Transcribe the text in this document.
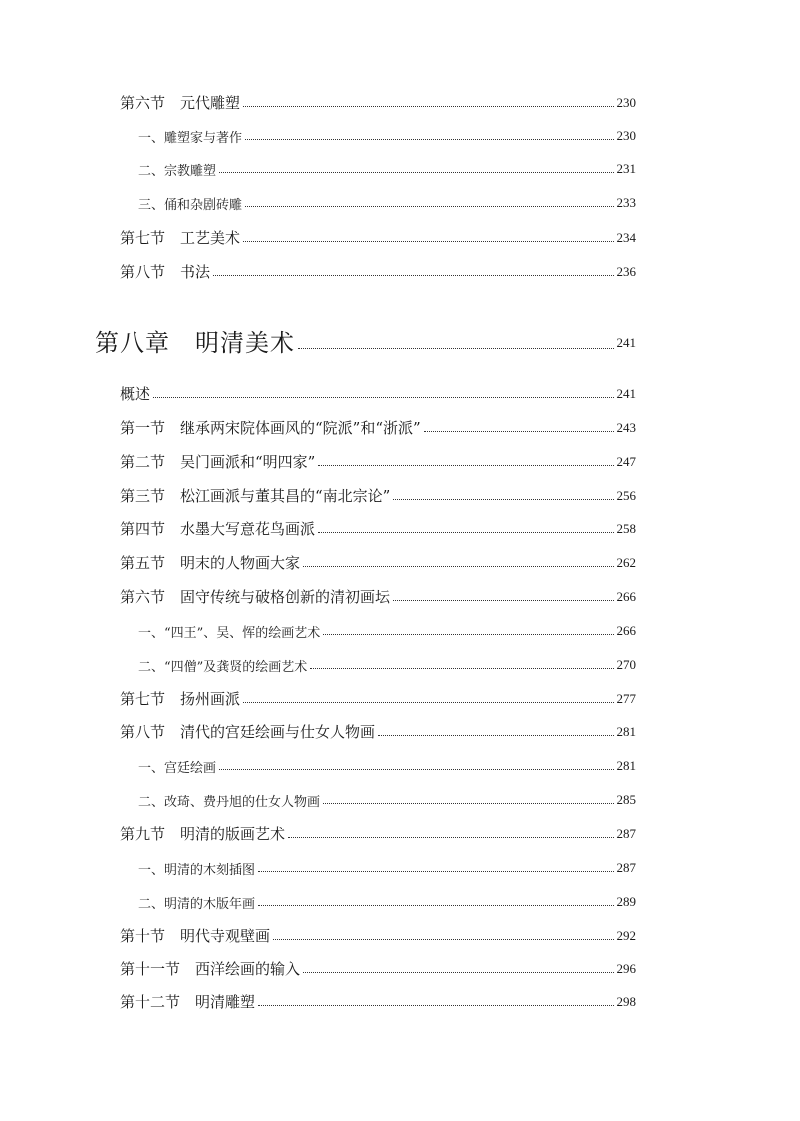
第六节　元代雕塑	230
一、雕塑家与著作	230
二、宗教雕塑	231
三、俑和杂剧砖雕	233
第七节　工艺美术	234
第八节　书法	236
第八章　明清美术	241
概述	241
第一节　继承两宋院体画风的“院派”和“浙派”	243
第二节　吴门画派和“明四家”	247
第三节　松江画派与董其昌的“南北宗论”	256
第四节　水墨大写意花鸟画派	258
第五节　明末的人物画大家	262
第六节　固守传统与破格创新的清初画坛	266
一、“四王”、吴、恽的绘画艺术	266
二、“四僧”及龚贤的绘画艺术	270
第七节　扬州画派	277
第八节　清代的宫廷绘画与仕女人物画	281
一、宫廷绘画	281
二、改琦、费丹旭的仕女人物画	285
第九节　明清的版画艺术	287
一、明清的木刻插图	287
二、明清的木版年画	289
第十节　明代寺观壁画	292
第十一节　西洋绘画的输入	296
第十二节　明清雕塑	298
